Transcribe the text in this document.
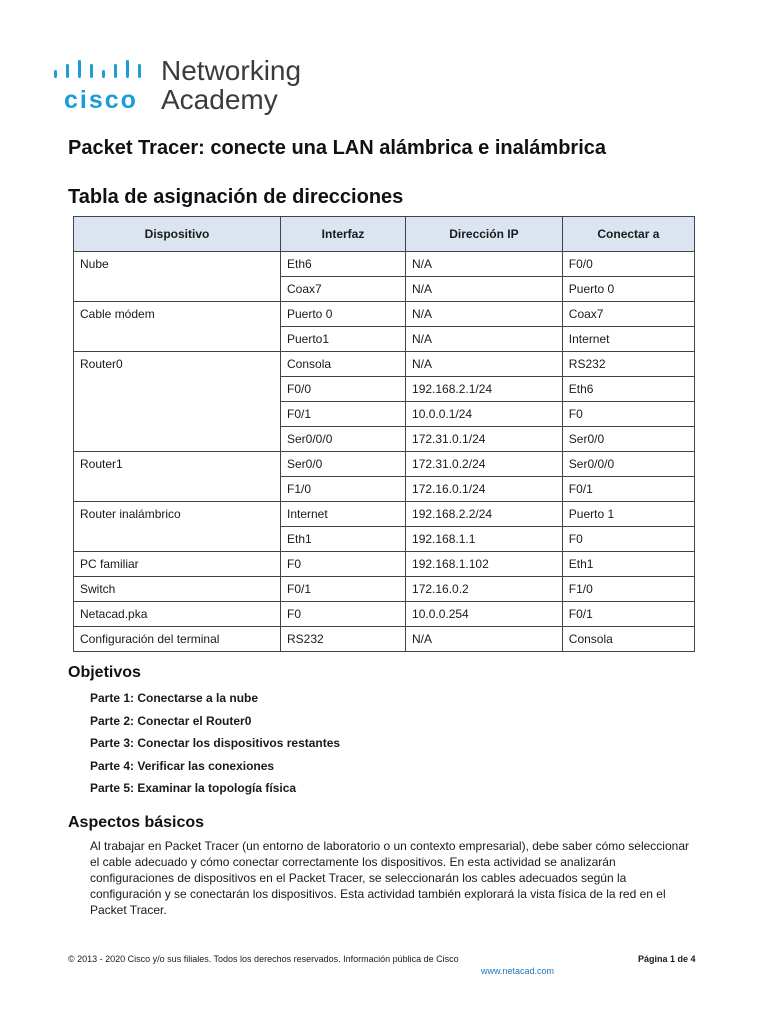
cisco
Networking
Academy
Packet Tracer: conecte una LAN alámbrica e inalámbrica
Tabla de asignación de direcciones
Dispositivo	Interfaz	Dirección IP	Conectar a
Nube	Eth6	N/A	F0/0
	Coax7	N/A	Puerto 0
Cable módem	Puerto 0	N/A	Coax7
	Puerto1	N/A	Internet
Router0	Consola	N/A	RS232
	F0/0	192.168.2.1/24	Eth6
	F0/1	10.0.0.1/24	F0
	Ser0/0/0	172.31.0.1/24	Ser0/0
Router1	Ser0/0	172.31.0.2/24	Ser0/0/0
	F1/0	172.16.0.1/24	F0/1
Router inalámbrico	Internet	192.168.2.2/24	Puerto 1
	Eth1	192.168.1.1	F0
PC familiar	F0	192.168.1.102	Eth1
Switch	F0/1	172.16.0.2	F1/0
Netacad.pka	F0	10.0.0.254	F0/1
Configuración del terminal	RS232	N/A	Consola
Objetivos
Parte 1: Conectarse a la nube
Parte 2: Conectar el Router0
Parte 3: Conectar los dispositivos restantes
Parte 4: Verificar las conexiones
Parte 5: Examinar la topología física
Aspectos básicos

Al trabajar en Packet Tracer (un entorno de laboratorio o un contexto empresarial), debe saber cómo seleccionar el cable adecuado y cómo conectar correctamente los dispositivos. En esta actividad se analizarán configuraciones de dispositivos en el Packet Tracer, se seleccionarán los cables adecuados según la configuración y se conectarán los dispositivos. Esta actividad también explorará la vista física de la red en el Packet Tracer.

© 2013 - 2020 Cisco y/o sus filiales. Todos los derechos reservados. Información pública de Cisco	Página 1 de 4
www.netacad.com
